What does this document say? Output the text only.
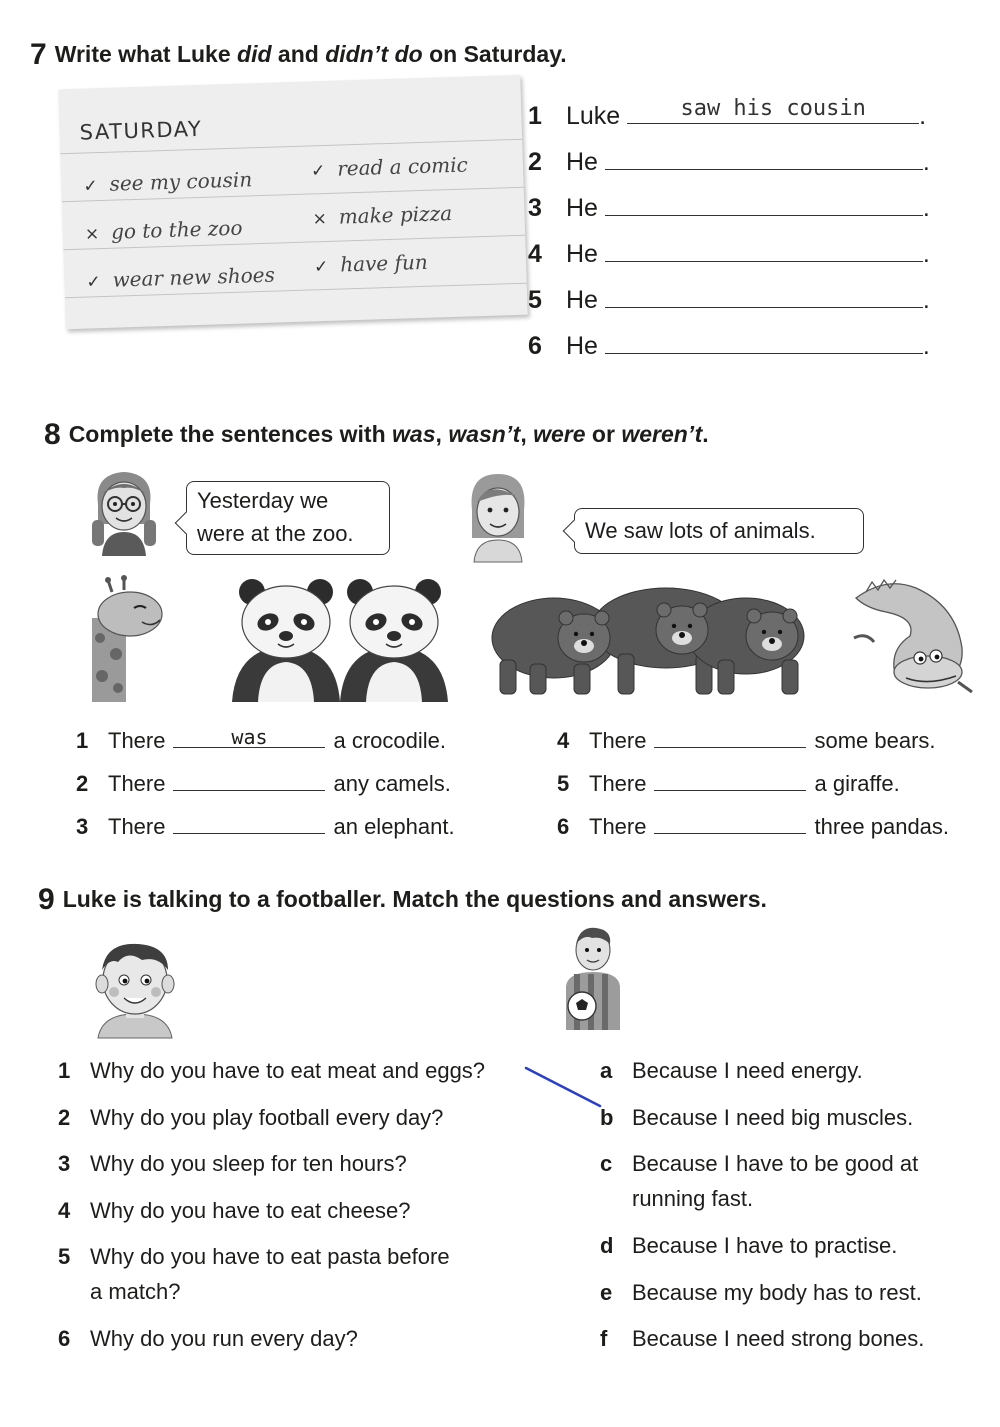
7 Write what Luke did and didn’t do on Saturday.
SATURDAY
✓ see my cousin	✓ read a comic
× go to the zoo	× make pizza
✓ wear new shoes ✓ have fun
1 Luke	saw his cousin	.
2 He	.
3 He	.
4 He	.
5 He	.
6 He	.
8 Complete the sentences with was, wasn’t, were or weren’t.
Yesterday we
were at the zoo.	We saw lots of animals.
1 There	was	a crocodile.
2 There	any camels.
3 There	an elephant.
4 There	some bears.
5 There	a giraffe.
6 There	three pandas.
9 Luke is talking to a footballer. Match the questions and answers.
1 Why do you have to eat meat and eggs?
2 Why do you play football every day?
3 Why do you sleep for ten hours?
4 Why do you have to eat cheese?
5 Why do you have to eat pasta before
a match?
6 Why do you run every day?
a Because I need energy.
b Because I need big muscles.
c Because I have to be good at
running fast.
d Because I have to practise.
e Because my body has to rest.
f Because I need strong bones.
